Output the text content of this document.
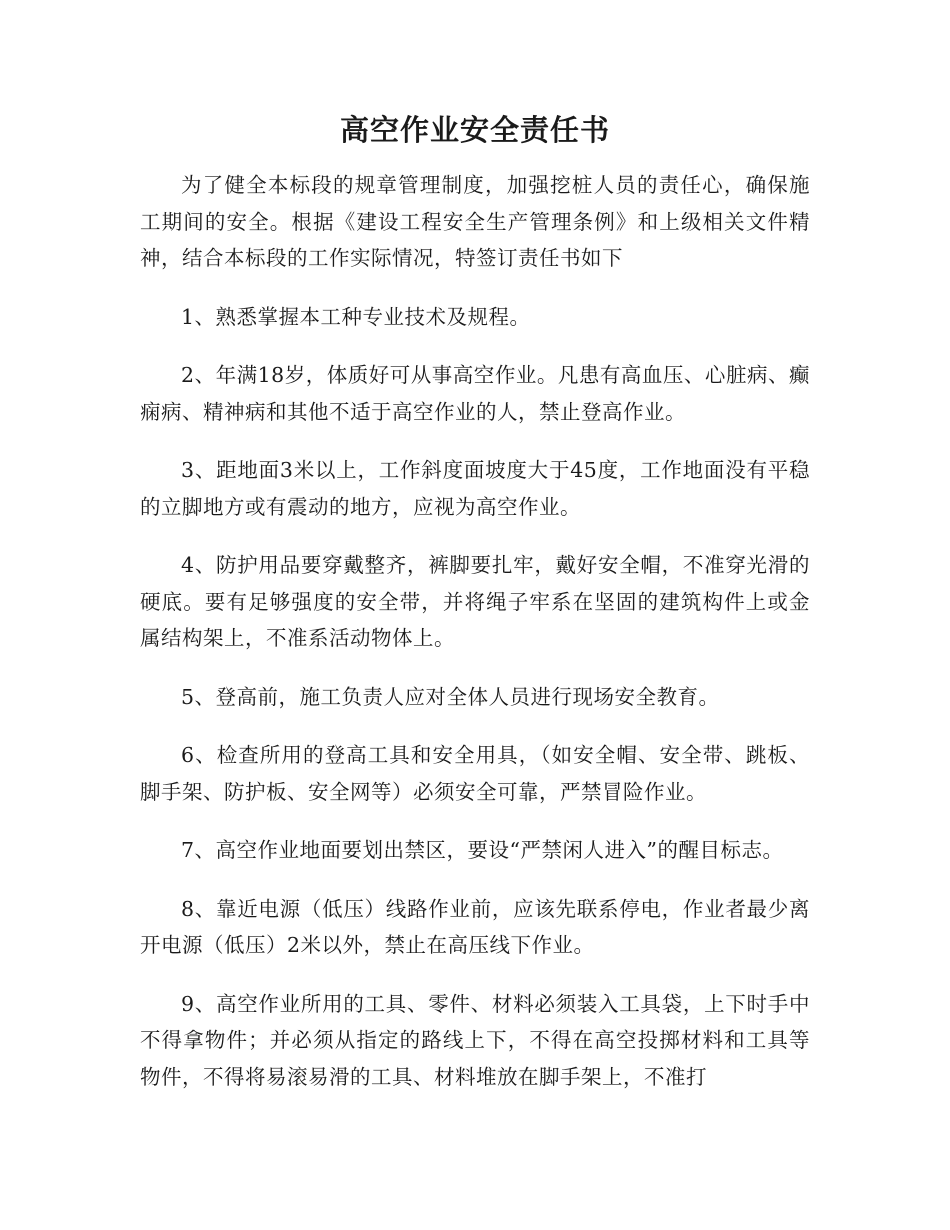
高空作业安全责任书

为了健全本标段的规章管理制度，加强挖桩人员的责任心，确保施工期间的安全。根据《建设工程安全生产管理条例》和上级相关文件精神，结合本标段的工作实际情况，特签订责任书如下

1、熟悉掌握本工种专业技术及规程。

2、年满18岁，体质好可从事高空作业。凡患有高血压、心脏病、癫痫病、精神病和其他不适于高空作业的人，禁止登高作业。

3、距地面3米以上，工作斜度面坡度大于45度，工作地面没有平稳的立脚地方或有震动的地方，应视为高空作业。

4、防护用品要穿戴整齐，裤脚要扎牢，戴好安全帽，不准穿光滑的硬底。要有足够强度的安全带，并将绳子牢系在坚固的建筑构件上或金属结构架上，不准系活动物体上。

5、登高前，施工负责人应对全体人员进行现场安全教育。

6、检查所用的登高工具和安全用具，（如安全帽、安全带、跳板、脚手架、防护板、安全网等）必须安全可靠，严禁冒险作业。

7、高空作业地面要划出禁区，要设“严禁闲人进入”的醒目标志。

8、靠近电源（低压）线路作业前，应该先联系停电，作业者最少离开电源（低压）2米以外，禁止在高压线下作业。

9、高空作业所用的工具、零件、材料必须装入工具袋，上下时手中不得拿物件；并必须从指定的路线上下，不得在高空投掷材料和工具等物件，不得将易滚易滑的工具、材料堆放在脚手架上，不准打
